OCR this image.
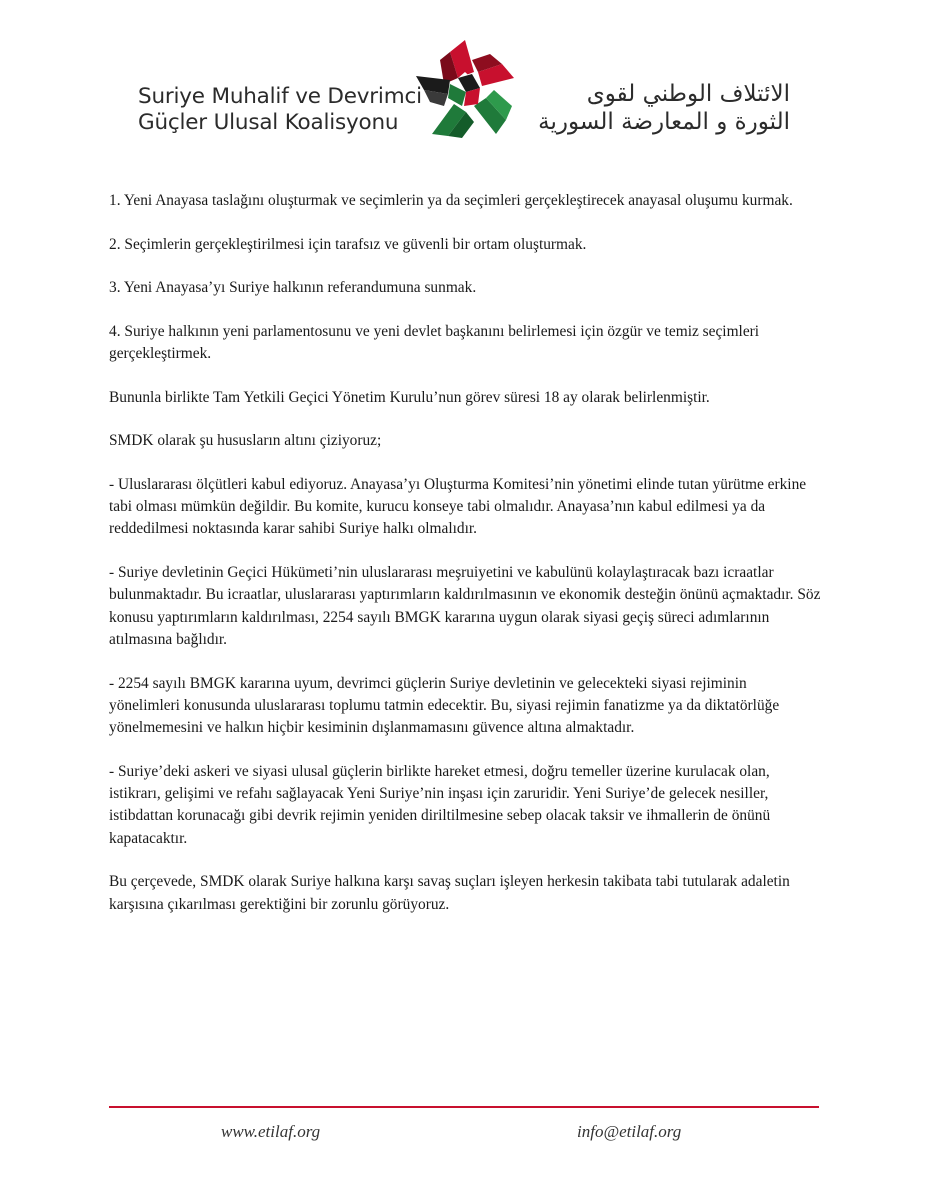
Suriye Muhalif ve Devrimci
Güçler Ulusal Koalisyonu
الائتلاف الوطني لقوى
الثورة و المعارضة السورية

1. Yeni Anayasa taslağını oluşturmak ve seçimlerin ya da seçimleri gerçekleştirecek anayasal oluşumu kurmak.

2. Seçimlerin gerçekleştirilmesi için tarafsız ve güvenli bir ortam oluşturmak.

3. Yeni Anayasa’yı Suriye halkının referandumuna sunmak.

4. Suriye halkının yeni parlamentosunu ve yeni devlet başkanını belirlemesi için özgür ve temiz seçimleri gerçekleştirmek.

Bununla birlikte Tam Yetkili Geçici Yönetim Kurulu’nun görev süresi 18 ay olarak belirlenmiştir.

SMDK olarak şu hususların altını çiziyoruz;

- Uluslararası ölçütleri kabul ediyoruz. Anayasa’yı Oluşturma Komitesi’nin yönetimi elinde tutan yürütme erkine tabi olması mümkün değildir. Bu komite, kurucu konseye tabi olmalıdır. Anayasa’nın kabul edilmesi ya da reddedilmesi noktasında karar sahibi Suriye halkı olmalıdır.

- Suriye devletinin Geçici Hükümeti’nin uluslararası meşruiyetini ve kabulünü kolaylaştıracak bazı icraatlar bulunmaktadır. Bu icraatlar, uluslararası yaptırımların kaldırılmasının ve ekonomik desteğin önünü açmaktadır. Söz konusu yaptırımların kaldırılması, 2254 sayılı BMGK kararına uygun olarak siyasi geçiş süreci adımlarının atılmasına bağlıdır.

- 2254 sayılı BMGK kararına uyum, devrimci güçlerin Suriye devletinin ve gelecekteki siyasi rejiminin yönelimleri konusunda uluslararası toplumu tatmin edecektir. Bu, siyasi rejimin fanatizme ya da diktatörlüğe yönelmemesini ve halkın hiçbir kesiminin dışlanmamasını güvence altına almaktadır.

- Suriye’deki askeri ve siyasi ulusal güçlerin birlikte hareket etmesi, doğru temeller üzerine kurulacak olan, istikrarı, gelişimi ve refahı sağlayacak Yeni Suriye’nin inşası için zaruridir. Yeni Suriye’de gelecek nesiller, istibdattan korunacağı gibi devrik rejimin yeniden diriltilmesine sebep olacak taksir ve ihmallerin de önünü kapatacaktır.

Bu çerçevede, SMDK olarak Suriye halkına karşı savaş suçları işleyen herkesin takibata tabi tutularak adaletin karşısına çıkarılması gerektiğini bir zorunlu görüyoruz.

www.etilaf.org	info@etilaf.org
